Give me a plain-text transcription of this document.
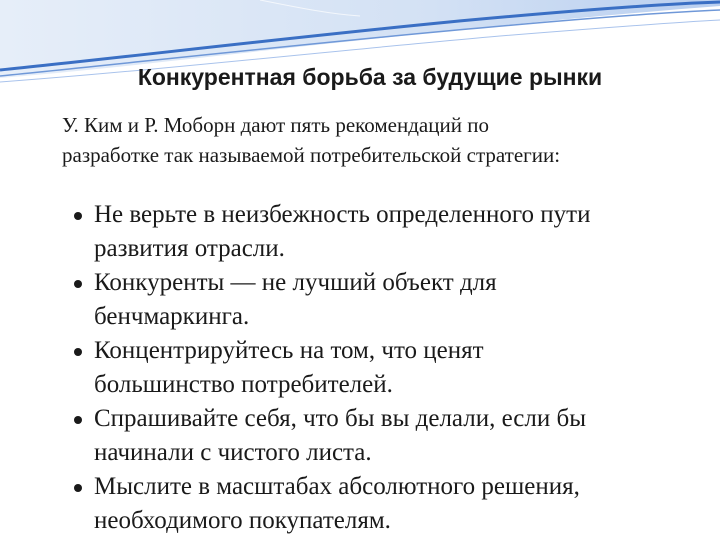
Конкурентная борьба за будущие рынки
У. Ким и Р. Моборн дают пять рекомендаций по
разработке так называемой потребительской стратегии:
Не верьте в неизбежность определенного пути
развития отрасли.
Конкуренты — не лучший объект для
бенчмаркинга.
Концентрируйтесь на том, что ценят
большинство потребителей.
Спрашивайте себя, что бы вы делали, если бы
начинали с чистого листа.
Мыслите в масштабах абсолютного решения,
необходимого покупателям.
